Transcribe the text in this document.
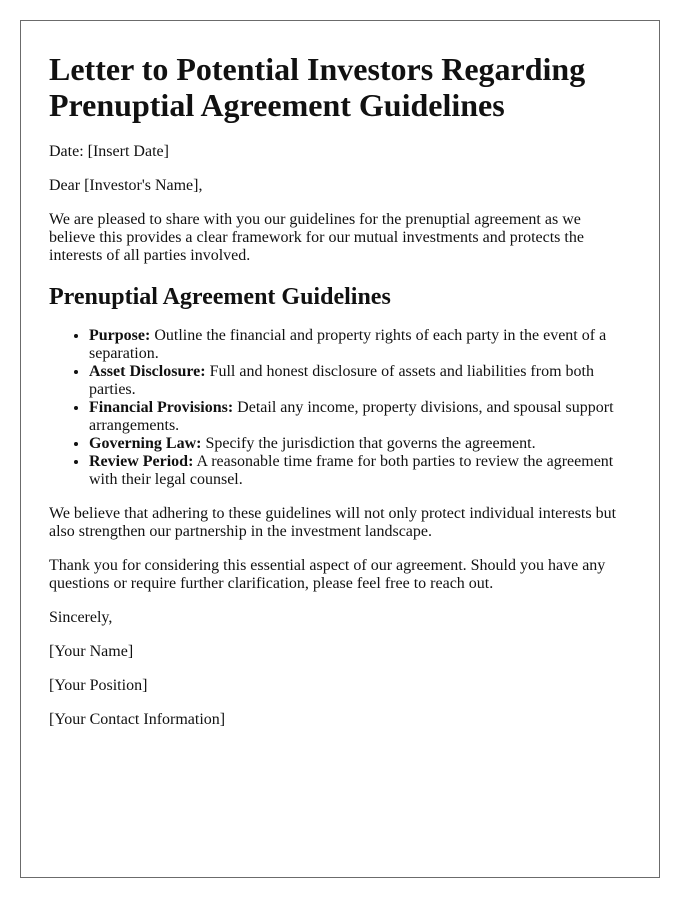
Letter to Potential Investors Regarding Prenuptial Agreement Guidelines

Date: [Insert Date]

Dear [Investor's Name],

We are pleased to share with you our guidelines for the prenuptial agreement as we believe this provides a clear framework for our mutual investments and protects the interests of all parties involved.

Prenuptial Agreement Guidelines
• Purpose: Outline the financial and property rights of each party in the event of a separation.
• Asset Disclosure: Full and honest disclosure of assets and liabilities from both parties.
• Financial Provisions: Detail any income, property divisions, and spousal support arrangements.
• Governing Law: Specify the jurisdiction that governs the agreement.
• Review Period: A reasonable time frame for both parties to review the agreement with their legal counsel.

We believe that adhering to these guidelines will not only protect individual interests but also strengthen our partnership in the investment landscape.

Thank you for considering this essential aspect of our agreement. Should you have any questions or require further clarification, please feel free to reach out.

Sincerely,

[Your Name]

[Your Position]

[Your Contact Information]
